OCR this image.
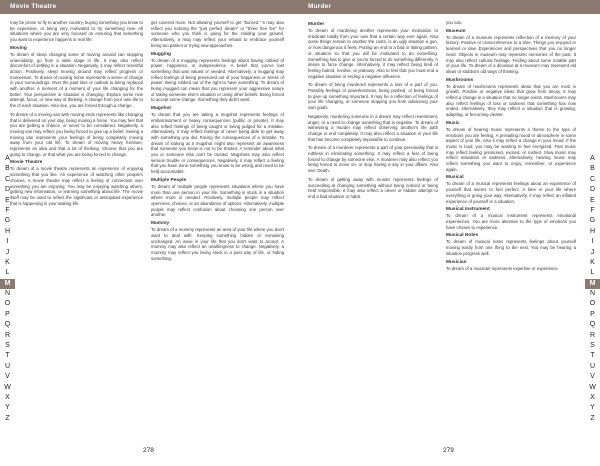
Movie Theatre

may be prone to fly to another country, buying something you know to be expensive, or being very motivated to try something new. All situations where you are very focused on ensuring that something you want to experience happens in real life.

Moving

To dream of sleep changing some of moving around can stopping unavoidably, go from a stale stage in life. It may also reflect discomfort of settling in a situation. Negatively, it may reflect resentful action. Positively, sleep moving around may reflect progress or momentum. To dream of moving home represents a sense of change in your surroundings. Over the past time or outlook to being replaced with another. A moment of a moment of your life changing for the better. Your perspective or situation is changing. Explore some new attempt, focus, or new way of thinking. A change from your own life to the of each situation. Also see, you are forced through a change.

To dream of a moving van with moving ends represents like changing that is delivered on your day, being moving a home. You may feel that you are getting a chance, or never to be considered. Negatively, a moving van may reflect you being forced to give up a belief. Seeing a moving van represents your feelings of being completely moving away from your old life. To dream of moving heavy furniture, represents an idea and that a lot of thinking. Choose that you are going to change, or that what you are being forced to change.

Movie Theatre

To dream of a movie theatre represents an experience of enjoying something that you like. An experience of watching other people's choices. A movie theatre may reflect a feeling of connection over something you are enjoying. You may be enjoying watching others, getting new information, or learning something about life. The movie itself may be used to reflect the significant or anticipated experience that is happening in your waking life.

get covered more. Not allowing yourself to get "burned." It may also reflect you noticing the "just perfect dream" or "three free fee" for someone who you think is going for the Holding your ground. Alternatively, a mug may reflect your refusal to embrace yourself being too patient or trying new approaches.

Mugging

To dream of a mugging represents feelings about having robbed of power, happiness, or independence. A belief that you've lost something that was valued or needed. Alternatively, a mugging may reflect feelings of being pressured out of your happiness or sense of power. Being robbed out of the right to have something. To dream of being mugged can mean that you represent your aggressive nature or taking someone else's situation or using other beliefs. Being forced to accept some change. Something they didn't want.

Mugshot

To dream that you are taking a mugshot represents feelings of embarrassment or heavy consequences (public or private). It may also reflect feelings of being caught or being judged for a mistake. Alternatively, it may reflect feelings of never being able to get away with something you did. Facing the consequences of a mistake. To dream of looking at a mugshot might also represent an awareness that someone you know is not to be trusted. A reminder about what you or someone else can't be trusted. Mugshots may also reflect serious trouble or consequences. Negatively, it may reflect a feeling that you have done something you know to be wrong and need to be held accountable.

Multiple People

To dream of multiple people represents situations where you have more than one person in your life. Something is stuck in a situation where more is needed. Positively, multiple people may reflect openness, choices, or an abundance of options. Alternatively, multiple people may reflect confusion about choosing one person over another.

Mummy

To dream of a mummy represents an area of your life where you don't want to deal with. Keeping something hidden or remaining unchanged. An issue in your life that you don't want to accept. A mummy may also reflect an unwillingness to change. Negatively, a mummy may reflect you being stuck in a past way of life, or hiding something.

A
B
C
D
E
F
G
H
I
J
K
L
M
N
O
P
Q
R
S
T
U
V
W
X
Y
Z
278
Murder
Murder

To dream of murdering another represents your motivation to eradicate totally from your own that a certain way ever again. Also some things remain to another the costs, is an ugly situation a gun, or how dangerous it feels. Putting an end to a bad or failing pattern, or situation so that you will be motivated to do something. Something has to give or you're forced to do something differently. A desire to force change. Alternatively, it may reflect being tired of feeling hatred, revolve, or jealousy. Also to feel that you must end a negative situation or ending a negative influence.

To dream of being murdered represents a loss of a part of you. Possibly feelings of powerlessness, being pushed, or being forced to give up something important. It may be a reflection of feelings of your life changing, or someone stopping you from advancing your own goals.

Negatively, murdering someone in a dream may reflect resentment, anger, or a need to change something that is negative. To dream of witnessing a murder may reflect observing another's life path change or end completely. It may also reflect a situation in your life that has become completely impossible to continue.

To dream of a murderer represents a part of your personality that is ruthless in eliminating something. It may reflect a fear of being forced to change by someone else. A murderer may also reflect you being forced to move on, or stop having a say in your affairs. Also see: Death.

To dream of getting away with murder represents feelings of succeeding at changing something without being noticed or being held responsible. It may also reflect a clever or hidden attempt to end a bad situation or habit.

you can.

Museum

To dream of a museum represents reflection of a memory of your history. Positive or cross-reference to a time. Things you enjoyed or learned or saw. Experiences and perspectives that you no longer need. Objects in museum may represent memories of the past. It may also reflect cultural heritage. Finding about some notable part of your life. To dream of a dinosaur at a museum may represent old ideas or stubborn old ways of thinking.

Mushrooms

To dream of mushrooms represents ideas that you are most in growth. Positive or negative ideas that grow from decay. It may reflect a change in a situation that no longer exists. Mushrooms may also reflect feelings of loss or sadness that something has now ended. Alternatively, they may reflect a situation that is growing, adapting, or becoming clearer.

Music

To dream of hearing music represents a theme to the type of emotions you are feeling. A prevailing mood or atmosphere in some aspect of your life. Also it may reflect a change in your mood. If the music is loud, you may be wanting to feel energized. Fast music may reflect feeling pressured, excited, or rushed. Slow music may reflect relaxation or sadness. Alternatively, hearing music may reflect something you want to enjoy, remember, or experience again.

Musical

To dream of a musical represents feelings about an experience of yourself that seems to feel perfect. A time in your life where everything is going your way. Alternatively, it may reflect an inflated experience of yourself or a situation.

Musical Instrument

To dream of a musical instrument represents emotional experiences. You are more attentive to the type of emotions you have chosen to experience.

Musical Notes

To dream of musical notes represents feelings about yourself moving easily from one thing to the next. You may be hearing a situation progress well.

Musician

To dream of a musician represents expertise or experience

A
B
C
D
E
F
G
H
I
J
K
L
M
N
O
P
Q
R
S
T
U
V
W
X
Y
Z
279
